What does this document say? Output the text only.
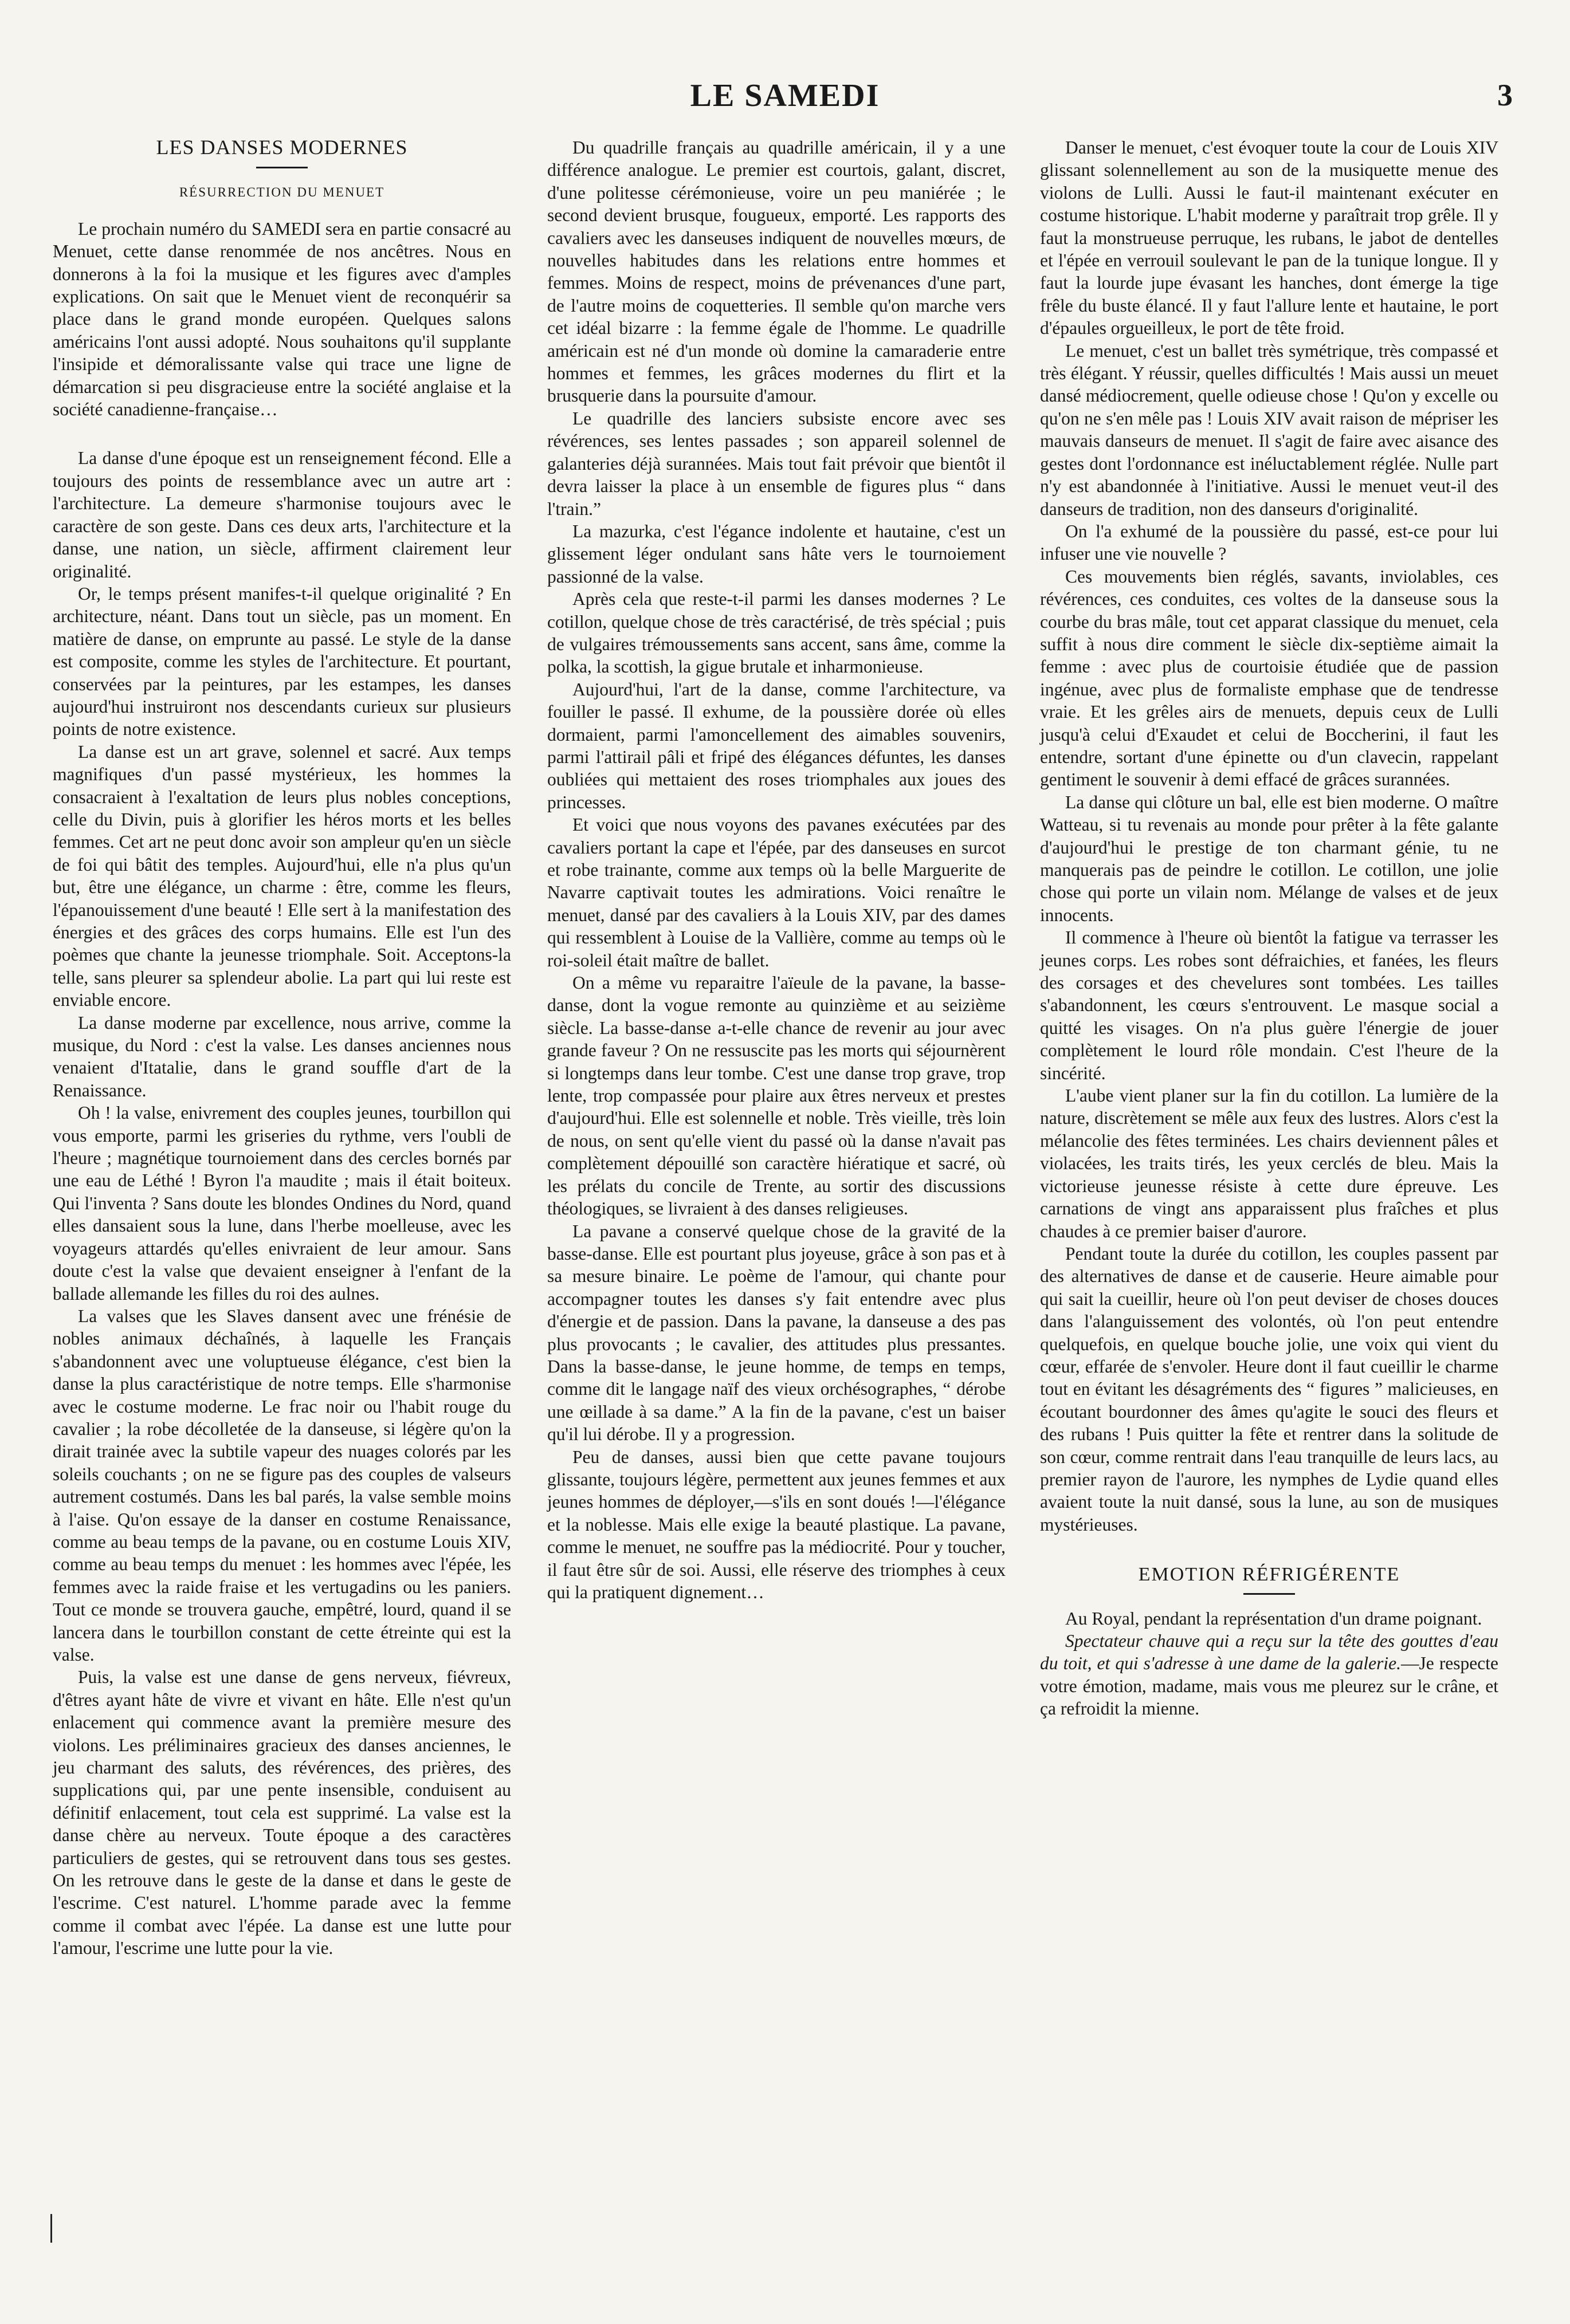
LE SAMEDI	3
LES DANSES MODERNES
RÉSURRECTION DU MENUET

Le prochain numéro du SAMEDI sera en partie consacré au Menuet, cette danse renommée de nos ancêtres. Nous en donnerons à la foi la musique et les figures avec d'amples explications. On sait que le Menuet vient de reconquérir sa place dans le grand monde européen. Quelques salons américains l'ont aussi adopté. Nous souhaitons qu'il supplante l'insipide et démoralissante valse qui trace une ligne de démarcation si peu disgracieuse entre la société anglaise et la société canadienne-française…

La danse d'une époque est un renseignement fécond. Elle a toujours des points de ressemblance avec un autre art : l'architecture. La demeure s'harmonise toujours avec le caractère de son geste. Dans ces deux arts, l'architecture et la danse, une nation, un siècle, affirment clairement leur originalité.

Or, le temps présent manifes-t-il quelque originalité ? En architecture, néant. Dans tout un siècle, pas un moment. En matière de danse, on emprunte au passé. Le style de la danse est composite, comme les styles de l'architecture. Et pourtant, conservées par la peintures, par les estampes, les danses aujourd'hui instruiront nos descendants curieux sur plusieurs points de notre existence.

La danse est un art grave, solennel et sacré. Aux temps magnifiques d'un passé mystérieux, les hommes la consacraient à l'exaltation de leurs plus nobles conceptions, celle du Divin, puis à glorifier les héros morts et les belles femmes. Cet art ne peut donc avoir son ampleur qu'en un siècle de foi qui bâtit des temples. Aujourd'hui, elle n'a plus qu'un but, être une élégance, un charme : être, comme les fleurs, l'épanouissement d'une beauté ! Elle sert à la manifestation des énergies et des grâces des corps humains. Elle est l'un des poèmes que chante la jeunesse triomphale. Soit. Acceptons-la telle, sans pleurer sa splendeur abolie. La part qui lui reste est enviable encore.

La danse moderne par excellence, nous arrive, comme la musique, du Nord : c'est la valse. Les danses anciennes nous venaient d'Itatalie, dans le grand souffle d'art de la Renaissance.

Oh ! la valse, enivrement des couples jeunes, tourbillon qui vous emporte, parmi les griseries du rythme, vers l'oubli de l'heure ; magnétique tournoiement dans des cercles bornés par une eau de Léthé ! Byron l'a maudite ; mais il était boiteux. Qui l'inventa ? Sans doute les blondes Ondines du Nord, quand elles dansaient sous la lune, dans l'herbe moelleuse, avec les voyageurs attardés qu'elles enivraient de leur amour. Sans doute c'est la valse que devaient enseigner à l'enfant de la ballade allemande les filles du roi des aulnes.

La valses que les Slaves dansent avec une frénésie de nobles animaux déchaînés, à laquelle les Français s'abandonnent avec une voluptueuse élégance, c'est bien la danse la plus caractéristique de notre temps. Elle s'harmonise avec le costume moderne. Le frac noir ou l'habit rouge du cavalier ; la robe décolletée de la danseuse, si légère qu'on la dirait trainée avec la subtile vapeur des nuages colorés par les soleils couchants ; on ne se figure pas des couples de valseurs autrement costumés. Dans les bal parés, la valse semble moins à l'aise. Qu'on essaye de la danser en costume Renaissance, comme au beau temps de la pavane, ou en costume Louis XIV, comme au beau temps du menuet : les hommes avec l'épée, les femmes avec la raide fraise et les vertugadins ou les paniers. Tout ce monde se trouvera gauche, empêtré, lourd, quand il se lancera dans le tourbillon constant de cette étreinte qui est la valse.

Puis, la valse est une danse de gens nerveux, fiévreux, d'êtres ayant hâte de vivre et vivant en hâte. Elle n'est qu'un enlacement qui commence avant la première mesure des violons. Les préliminaires gracieux des danses anciennes, le jeu charmant des saluts, des révérences, des prières, des supplications qui, par une pente insensible, conduisent au définitif enlacement, tout cela est supprimé. La valse est la danse chère au nerveux. Toute époque a des caractères particuliers de gestes, qui se retrouvent dans tous ses gestes. On les retrouve dans le geste de la danse et dans le geste de l'escrime. C'est naturel. L'homme parade avec la femme comme il combat avec l'épée. La danse est une lutte pour l'amour, l'escrime une lutte pour la vie.

Du quadrille français au quadrille américain, il y a une différence analogue. Le premier est courtois, galant, discret, d'une politesse cérémonieuse, voire un peu maniérée ; le second devient brusque, fougueux, emporté. Les rapports des cavaliers avec les danseuses indiquent de nouvelles mœurs, de nouvelles habitudes dans les relations entre hommes et femmes. Moins de respect, moins de prévenances d'une part, de l'autre moins de coquetteries. Il semble qu'on marche vers cet idéal bizarre : la femme égale de l'homme. Le quadrille américain est né d'un monde où domine la camaraderie entre hommes et femmes, les grâces modernes du flirt et la brusquerie dans la poursuite d'amour.

Le quadrille des lanciers subsiste encore avec ses révérences, ses lentes passades ; son appareil solennel de galanteries déjà surannées. Mais tout fait prévoir que bientôt il devra laisser la place à un ensemble de figures plus “ dans l'train.”

La mazurka, c'est l'égance indolente et hautaine, c'est un glissement léger ondulant sans hâte vers le tournoiement passionné de la valse.

Après cela que reste-t-il parmi les danses modernes ? Le cotillon, quelque chose de très caractérisé, de très spécial ; puis de vulgaires trémoussements sans accent, sans âme, comme la polka, la scottish, la gigue brutale et inharmonieuse.

Aujourd'hui, l'art de la danse, comme l'architecture, va fouiller le passé. Il exhume, de la poussière dorée où elles dormaient, parmi l'amoncellement des aimables souvenirs, parmi l'attirail pâli et fripé des élégances défuntes, les danses oubliées qui mettaient des roses triomphales aux joues des princesses.

Et voici que nous voyons des pavanes exécutées par des cavaliers portant la cape et l'épée, par des danseuses en surcot et robe trainante, comme aux temps où la belle Marguerite de Navarre captivait toutes les admirations. Voici renaître le menuet, dansé par des cavaliers à la Louis XIV, par des dames qui ressemblent à Louise de la Vallière, comme au temps où le roi-soleil était maître de ballet.

On a même vu reparaitre l'aïeule de la pavane, la basse-danse, dont la vogue remonte au quinzième et au seizième siècle. La basse-danse a-t-elle chance de revenir au jour avec grande faveur ? On ne ressuscite pas les morts qui séjournèrent si longtemps dans leur tombe. C'est une danse trop grave, trop lente, trop compassée pour plaire aux êtres nerveux et prestes d'aujourd'hui. Elle est solennelle et noble. Très vieille, très loin de nous, on sent qu'elle vient du passé où la danse n'avait pas complètement dépouillé son caractère hiératique et sacré, où les prélats du concile de Trente, au sortir des discussions théologiques, se livraient à des danses religieuses.

La pavane a conservé quelque chose de la gravité de la basse-danse. Elle est pourtant plus joyeuse, grâce à son pas et à sa mesure binaire. Le poème de l'amour, qui chante pour accompagner toutes les danses s'y fait entendre avec plus d'énergie et de passion. Dans la pavane, la danseuse a des pas plus provocants ; le cavalier, des attitudes plus pressantes. Dans la basse-danse, le jeune homme, de temps en temps, comme dit le langage naïf des vieux orchésographes, “ dérobe une œillade à sa dame.” A la fin de la pavane, c'est un baiser qu'il lui dérobe. Il y a progression.

Peu de danses, aussi bien que cette pavane toujours glissante, toujours légère, permettent aux jeunes femmes et aux jeunes hommes de déployer,—s'ils en sont doués !—l'élégance et la noblesse. Mais elle exige la beauté plastique. La pavane, comme le menuet, ne souffre pas la médiocrité. Pour y toucher, il faut être sûr de soi. Aussi, elle réserve des triomphes à ceux qui la pratiquent dignement…

Danser le menuet, c'est évoquer toute la cour de Louis XIV glissant solennellement au son de la musiquette menue des violons de Lulli. Aussi le faut-il maintenant exécuter en costume historique. L'habit moderne y paraîtrait trop grêle. Il y faut la monstrueuse perruque, les rubans, le jabot de dentelles et l'épée en verrouil soulevant le pan de la tunique longue. Il y faut la lourde jupe évasant les hanches, dont émerge la tige frêle du buste élancé. Il y faut l'allure lente et hautaine, le port d'épaules orgueilleux, le port de tête froid.

Le menuet, c'est un ballet très symétrique, très compassé et très élégant. Y réussir, quelles difficultés ! Mais aussi un meuet dansé médiocrement, quelle odieuse chose ! Qu'on y excelle ou qu'on ne s'en mêle pas ! Louis XIV avait raison de mépriser les mauvais danseurs de menuet. Il s'agit de faire avec aisance des gestes dont l'ordonnance est inéluctablement réglée. Nulle part n'y est abandonnée à l'initiative. Aussi le menuet veut-il des danseurs de tradition, non des danseurs d'originalité.

On l'a exhumé de la poussière du passé, est-ce pour lui infuser une vie nouvelle ?

Ces mouvements bien réglés, savants, inviolables, ces révérences, ces conduites, ces voltes de la danseuse sous la courbe du bras mâle, tout cet apparat classique du menuet, cela suffit à nous dire comment le siècle dix-septième aimait la femme : avec plus de courtoisie étudiée que de passion ingénue, avec plus de formaliste emphase que de tendresse vraie. Et les grêles airs de menuets, depuis ceux de Lulli jusqu'à celui d'Exaudet et celui de Boccherini, il faut les entendre, sortant d'une épinette ou d'un clavecin, rappelant gentiment le souvenir à demi effacé de grâces surannées.

La danse qui clôture un bal, elle est bien moderne. O maître Watteau, si tu revenais au monde pour prêter à la fête galante d'aujourd'hui le prestige de ton charmant génie, tu ne manquerais pas de peindre le cotillon. Le cotillon, une jolie chose qui porte un vilain nom. Mélange de valses et de jeux innocents.

Il commence à l'heure où bientôt la fatigue va terrasser les jeunes corps. Les robes sont défraichies, et fanées, les fleurs des corsages et des chevelures sont tombées. Les tailles s'abandonnent, les cœurs s'entrouvent. Le masque social a quitté les visages. On n'a plus guère l'énergie de jouer complètement le lourd rôle mondain. C'est l'heure de la sincérité.

L'aube vient planer sur la fin du cotillon. La lumière de la nature, discrètement se mêle aux feux des lustres. Alors c'est la mélancolie des fêtes terminées. Les chairs deviennent pâles et violacées, les traits tirés, les yeux cerclés de bleu. Mais la victorieuse jeunesse résiste à cette dure épreuve. Les carnations de vingt ans apparaissent plus fraîches et plus chaudes à ce premier baiser d'aurore.

Pendant toute la durée du cotillon, les couples passent par des alternatives de danse et de causerie. Heure aimable pour qui sait la cueillir, heure où l'on peut deviser de choses douces dans l'alanguissement des volontés, où l'on peut entendre quelquefois, en quelque bouche jolie, une voix qui vient du cœur, effarée de s'envoler. Heure dont il faut cueillir le charme tout en évitant les désagréments des “ figures ” malicieuses, en écoutant bourdonner des âmes qu'agite le souci des fleurs et des rubans ! Puis quitter la fête et rentrer dans la solitude de son cœur, comme rentrait dans l'eau tranquille de leurs lacs, au premier rayon de l'aurore, les nymphes de Lydie quand elles avaient toute la nuit dansé, sous la lune, au son de musiques mystérieuses.

EMOTION RÉFRIGÉRENTE

Au Royal, pendant la représentation d'un drame poignant.

Spectateur chauve qui a reçu sur la tête des gouttes d'eau du toit, et qui s'adresse à une dame de la galerie.—Je respecte votre émotion, madame, mais vous me pleurez sur le crâne, et ça refroidit la mienne.
